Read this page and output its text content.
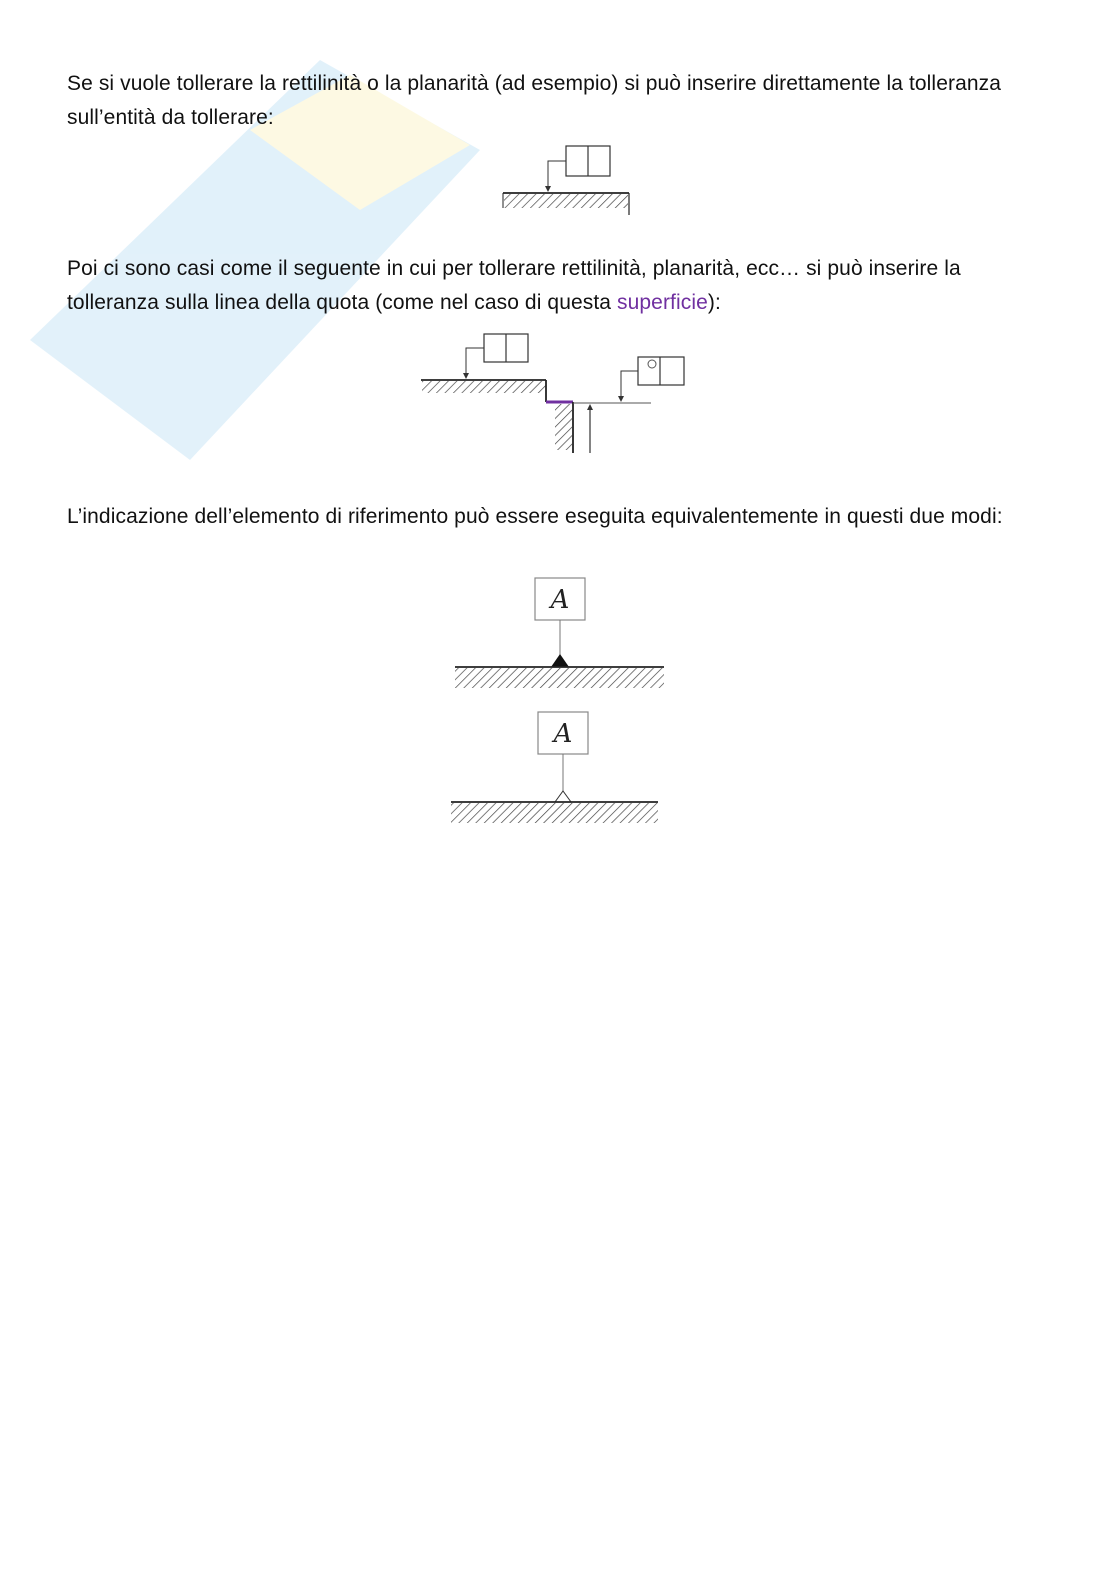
Se si vuole tollerare la rettilinità o la planarità (ad esempio) si può inserire direttamente la tolleranza sull’entità da tollerare:

Poi ci sono casi come il seguente in cui per tollerare rettilinità, planarità, ecc… si può inserire la tolleranza sulla linea della quota (come nel caso di questa superficie):

L’indicazione dell’elemento di riferimento può essere eseguita equivalentemente in questi due modi:

A
A
